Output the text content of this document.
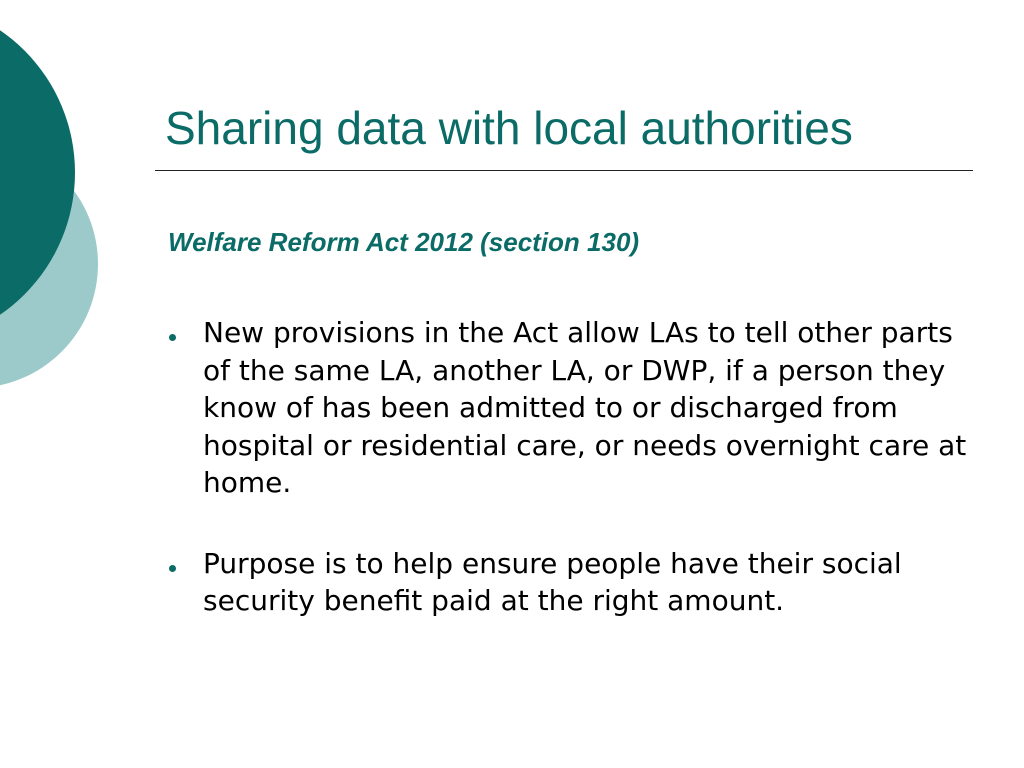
Sharing data with local authorities
Welfare Reform Act 2012 (section 130)
New provisions in the Act allow LAs to tell other parts of the same LA, another LA, or DWP, if a person they know of has been admitted to or discharged from hospital or residential care, or needs overnight care at home.
Purpose is to help ensure people have their social security benefit paid at the right amount.
